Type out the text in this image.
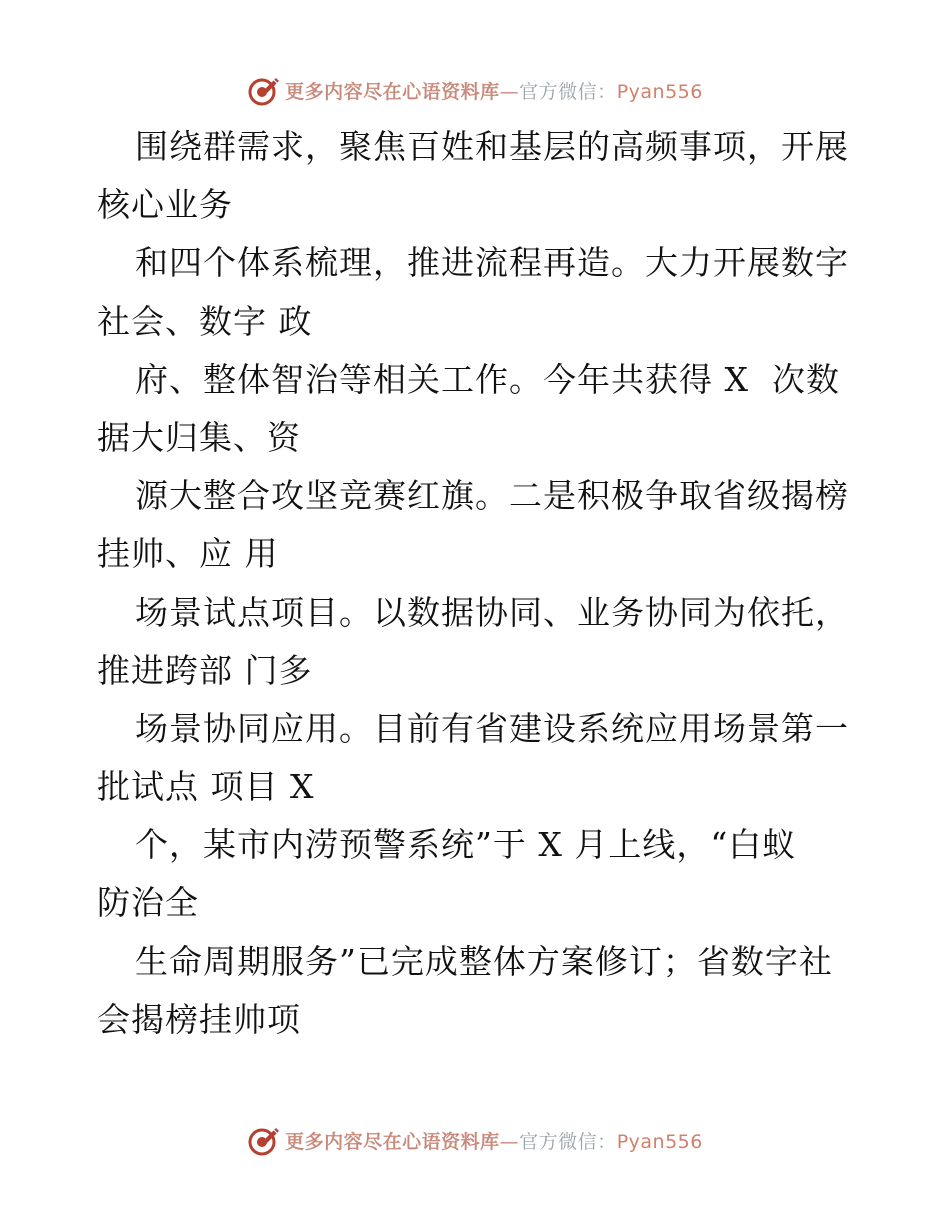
更多内容尽在心语资料库—官方微信：Pyan556
围绕群需求，聚焦百姓和基层的高频事项，开展
核心业务
和四个体系梳理，推进流程再造。大力开展数字
社会、数字 政
府、整体智治等相关工作。今年共获得 X  次数
据大归集、资
源大整合攻坚竞赛红旗。二是积极争取省级揭榜
挂帅、应 用
场景试点项目。以数据协同、业务协同为依托，
推进跨部 门多
场景协同应用。目前有省建设系统应用场景第一
批试点 项目 X
个，某市内涝预警系统”于 X 月上线，“白蚁
防治全
生命周期服务”已完成整体方案修订；省数字社
会揭榜挂帅项
更多内容尽在心语资料库—官方微信：Pyan556
